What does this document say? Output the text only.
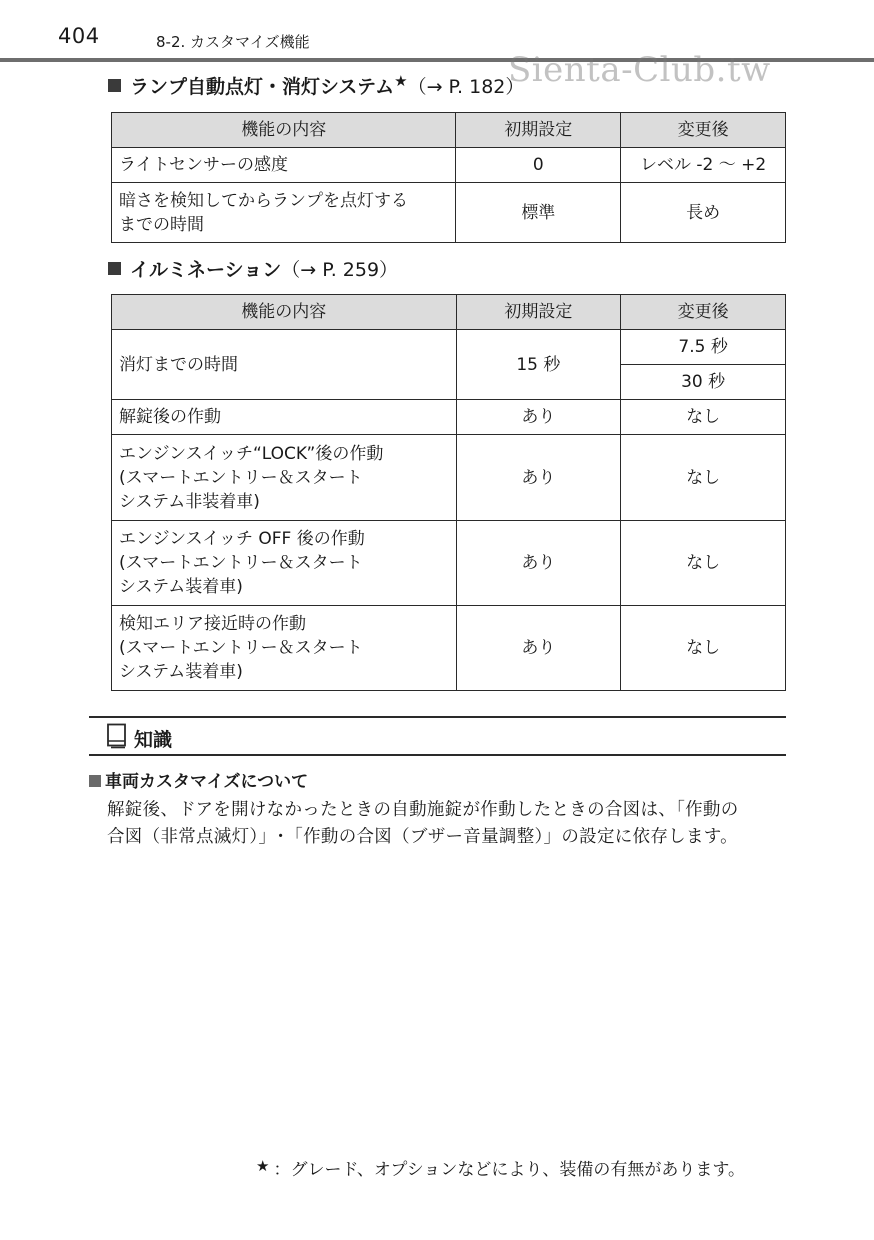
404	8-2. カスタマイズ機能
ランプ自動点灯・消灯システム★（→ P. 182）
Sienta-Club.tw
機能の内容	初期設定	変更後
ライトセンサーの感度	0	レベル -2 ～ +2

暗さを検知してからランプを点灯する
までの時間	標準	長め
イルミネーション（→ P. 259）
機能の内容	初期設定	変更後
消灯までの時間	15 秒	7.5 秒
		30 秒
解錠後の作動	あり	なし

エンジンスイッチ“LOCK”後の作動
(スマートエントリー＆スタート
システム非装着車)	あり	なし

エンジンスイッチ OFF 後の作動
(スマートエントリー＆スタート
システム装着車)	あり	なし

検知エリア接近時の作動
(スマートエントリー＆スタート
システム装着車)	あり	なし
知識
車両カスタマイズについて
解錠後、ドアを開けなかったときの自動施錠が作動したときの合図は、「作動の
合図（非常点滅灯）」･「作動の合図（ブザー音量調整）」の設定に依存します。
★ ：グレード、オプションなどにより、装備の有無があります。
